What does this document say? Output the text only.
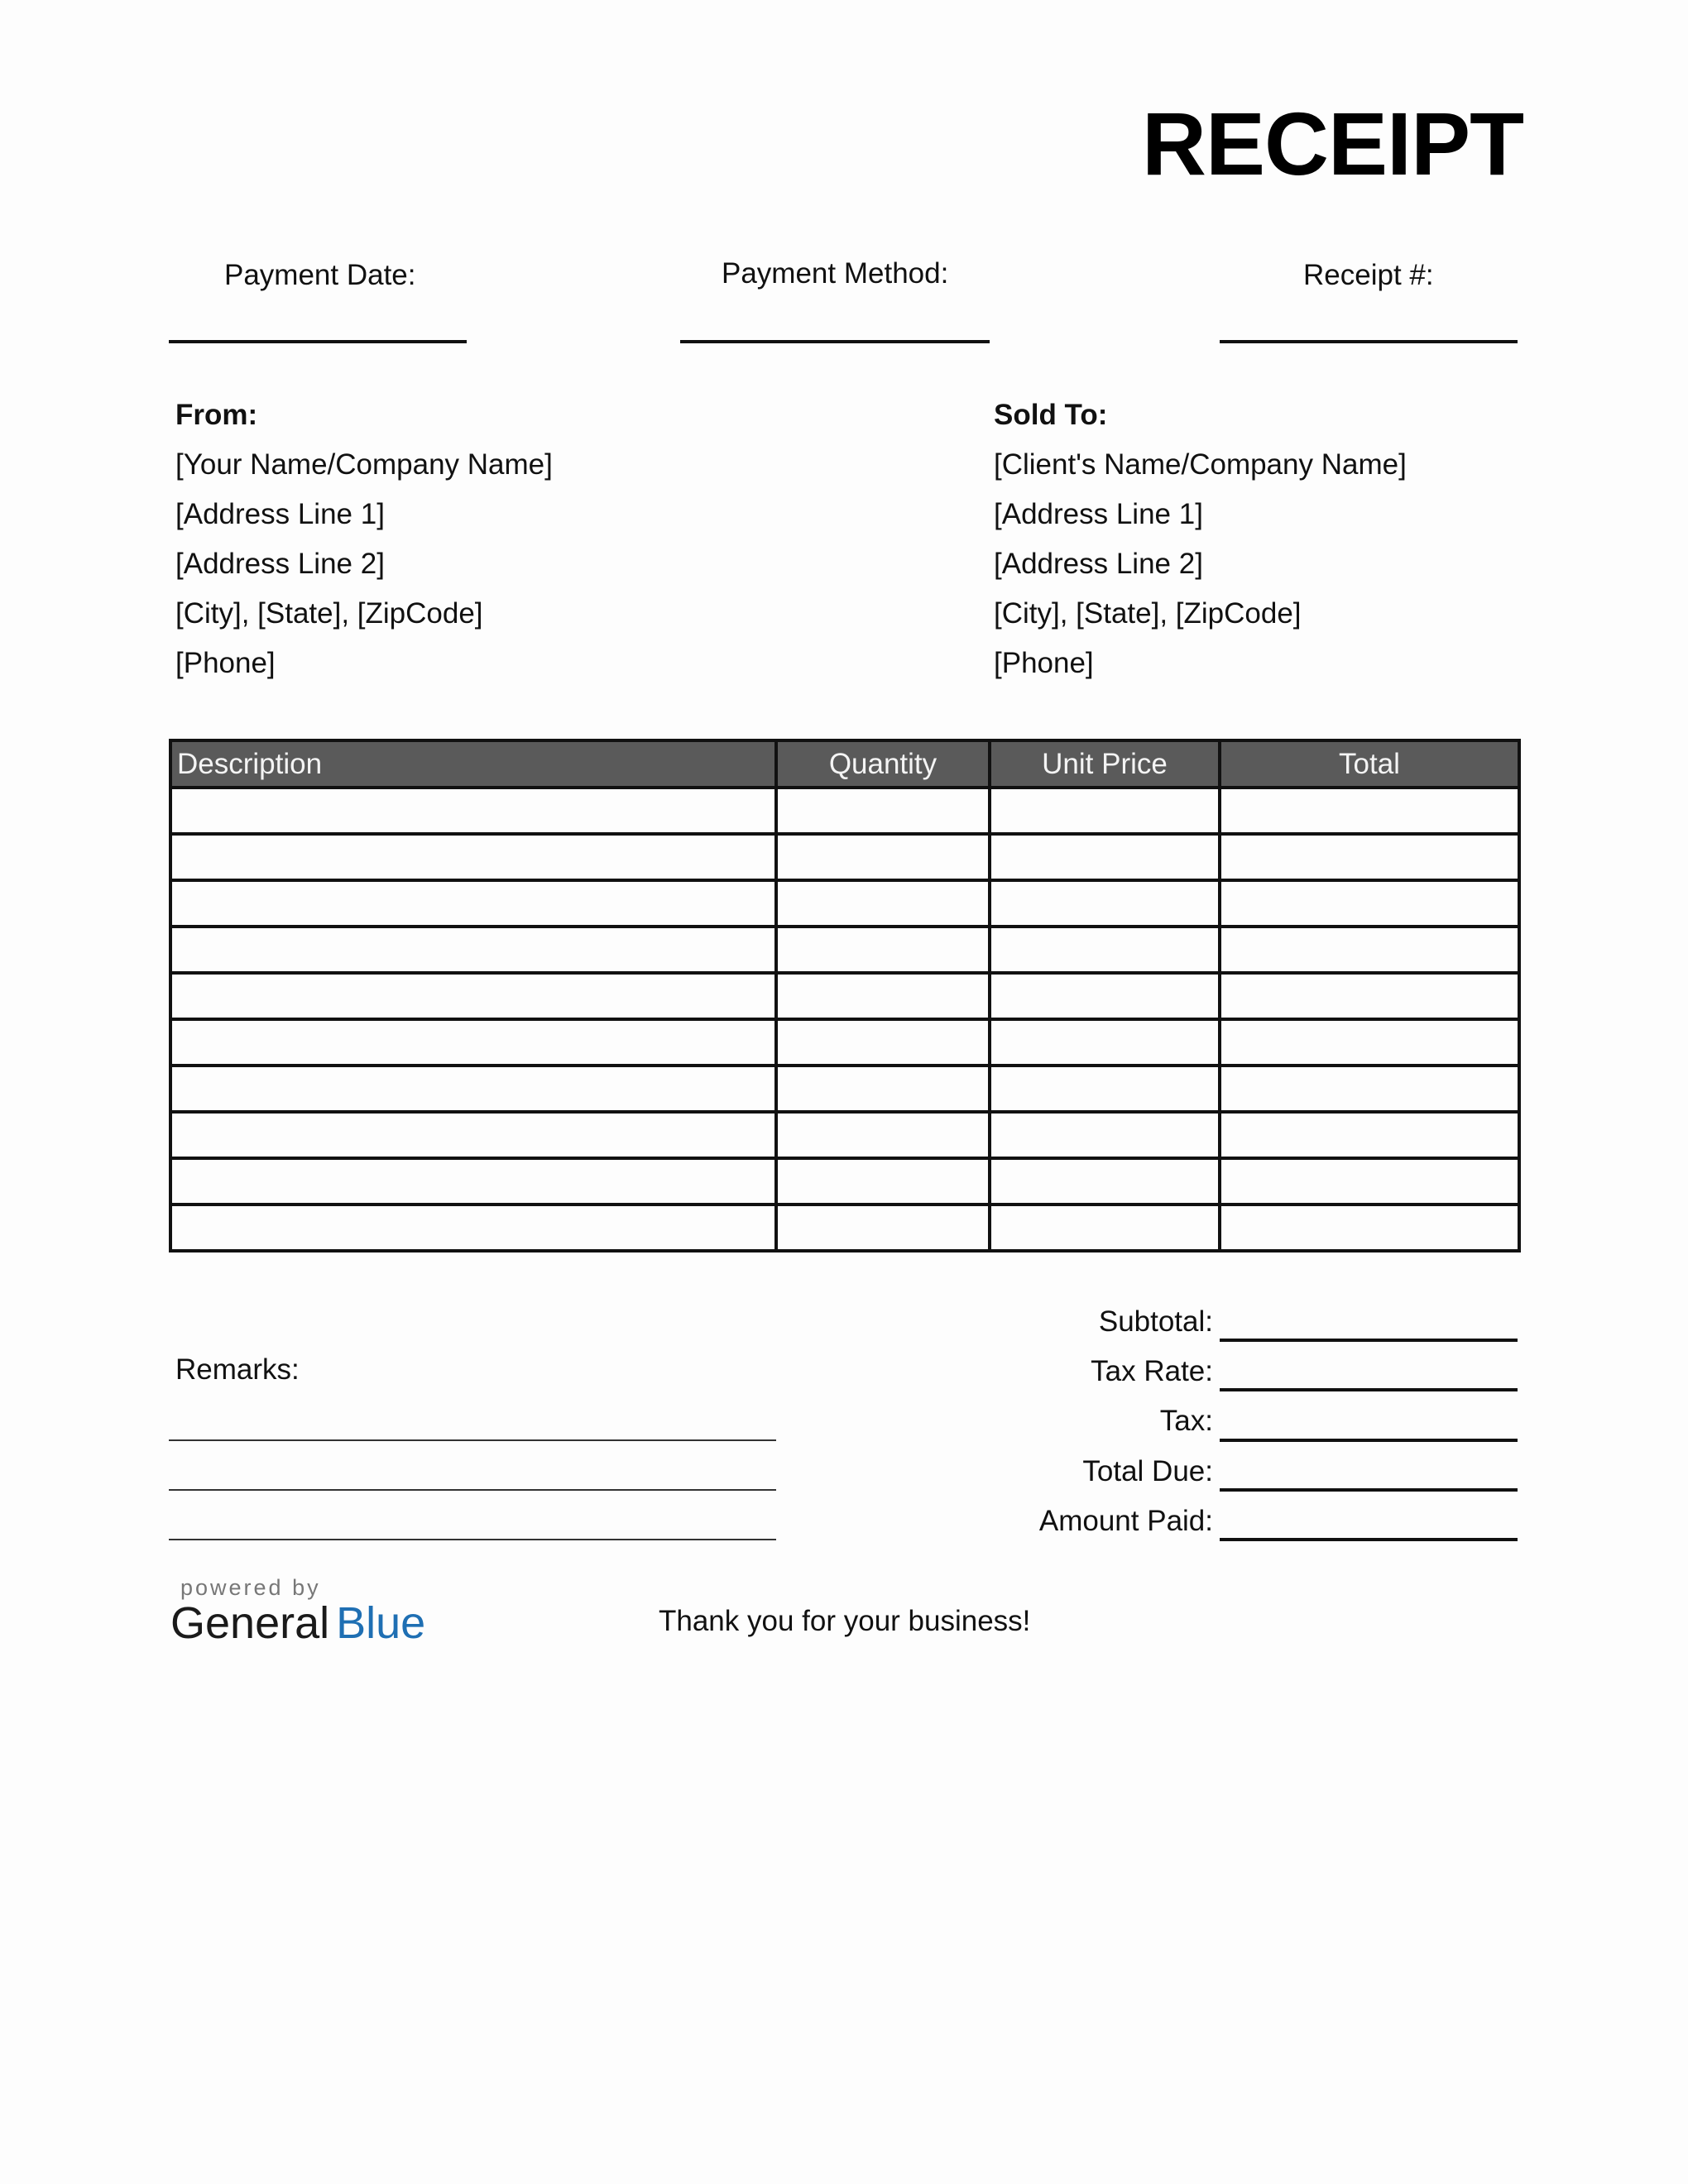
RECEIPT
Payment Date:	Payment Method:	Receipt #:
From:
[Your Name/Company Name]
[Address Line 1]
[Address Line 2]
[City], [State], [ZipCode]
[Phone]
Sold To:
[Client's Name/Company Name]
[Address Line 1]
[Address Line 2]
[City], [State], [ZipCode]
[Phone]
Description	Quantity	Unit Price	Total

Subtotal:
Tax Rate:
Tax:
Total Due:
Amount Paid:
Remarks:
powered by
General Blue	Thank you for your business!
